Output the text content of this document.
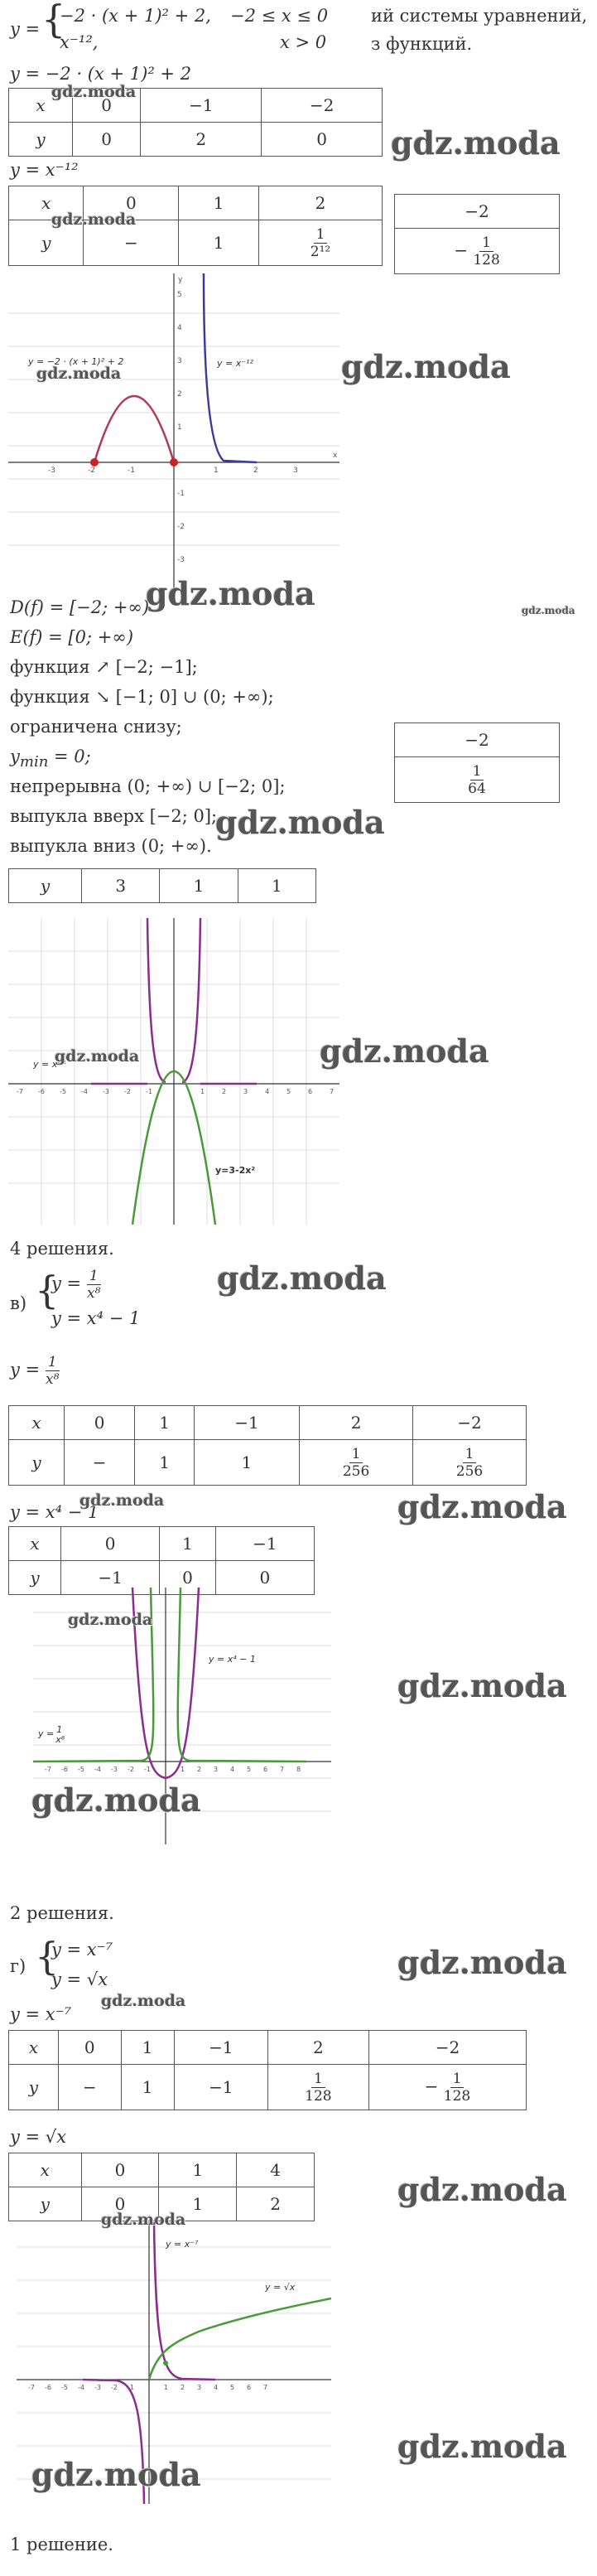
y = {
−2 · (x + 1)² + 2, −2 ≤ x ≤ 0
x⁻¹²,	x > 0
ий системы уравнений,
з функций.
y = −2 · (x + 1)² + 2
x	0	−1	−2
y	0	2	0
y = x⁻¹²
x	0	1	2
y	−	1	$\frac{1}{\text{2¹²}}$
−2
− $\frac{1}{128}$
-3	-2	-1	1	2	3
1
2
3
4
5
-1
-2
-3
x
y
y = −2 · (x + 1)² + 2	y = x⁻¹²
D(f) = [−2; +∞)
E(f) = [0; +∞)
функция ↗ [−2; −1];
функция ↘ [−1; 0] ∪ (0; +∞);
ограничена снизу;
$y_{min} = 0$;
непрерывна (0; +∞) ∪ [−2; 0];
выпукла вверх [−2; 0];
выпукла вниз (0; +∞).
−2

$\frac{1}{64}$
y	3	1	1
-7 -6 -5 -4 -3 -2 -1	1	2	3	4	5	6	7
y = x⁻⁴
y=3-2x²
4 решения.
в) {
$y = \frac{1}{\text{x⁸}}$
y = x⁴ − 1
$y = \frac{1}{\text{x⁸}}$
x	0	1	−1	2	−2
y	−	1	1	$\frac{1}{256}$	$\frac{1}{256}$
y = x⁴ − 1
x	0	1	−1
y	−1	0	0
-7 -6 -5 -4 -3 -2 -1	1 2 3 4 5 6 7 8
y = x⁴ − 1
y = 1 x⁸
2 решения.
г) {
y = x⁻⁷
y = √x
y = x⁻⁷
x	0	1	−1	2	−2
y	−	1	−1	$\frac{1}{128}$	− $\frac{1}{128}$
y = √x
x	0	1	4
y	0	1	2
-7 -6 -5 -4 -3 -2 -1	1 2 3 4 5 6 7
y = x⁻⁷
y = √x
1 решение.
gdz.moda
gdz.moda
gdz.moda
gdz.moda	gdz.moda
gdz.moda	gdz.moda
gdz.moda
gdz.moda	gdz.moda
gdz.moda
gdz.moda	gdz.moda
gdz.moda
gdz.moda
gdz.moda
gdz.moda
gdz.moda
gdz.moda
gdz.moda
gdz.moda
gdz.moda
